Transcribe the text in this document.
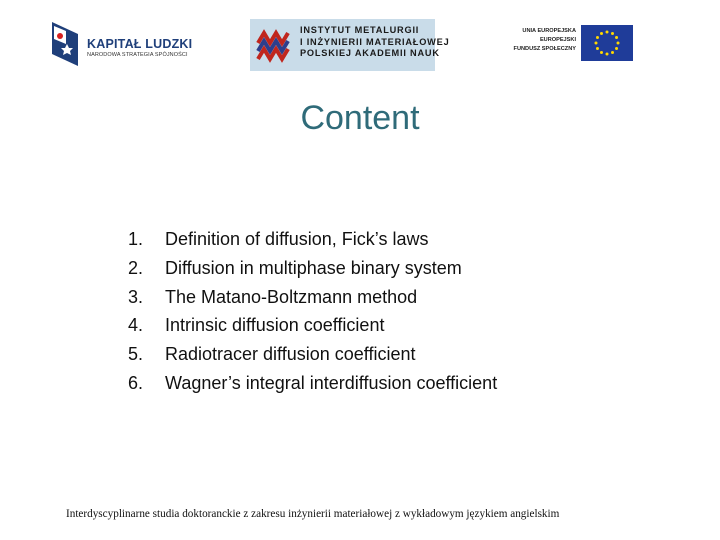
KAPITAŁ LUDZKI
NARODOWA STRATEGIA SPÓJNOŚCI
INSTYTUT METALURGII
I INŻYNIERII MATERIAŁOWEJ
POLSKIEJ AKADEMII NAUK
UNIA EUROPEJSKA
EUROPEJSKI
FUNDUSZ SPOŁECZNY
Content
1. Definition of diffusion, Fick’s laws
2. Diffusion in multiphase binary system
3. The Matano-Boltzmann method
4. Intrinsic diffusion coefficient
5. Radiotracer diffusion coefficient
6. Wagner’s integral interdiffusion coefficient
Interdyscyplinarne studia doktoranckie z zakresu inżynierii materiałowej z wykładowym językiem angielskim
